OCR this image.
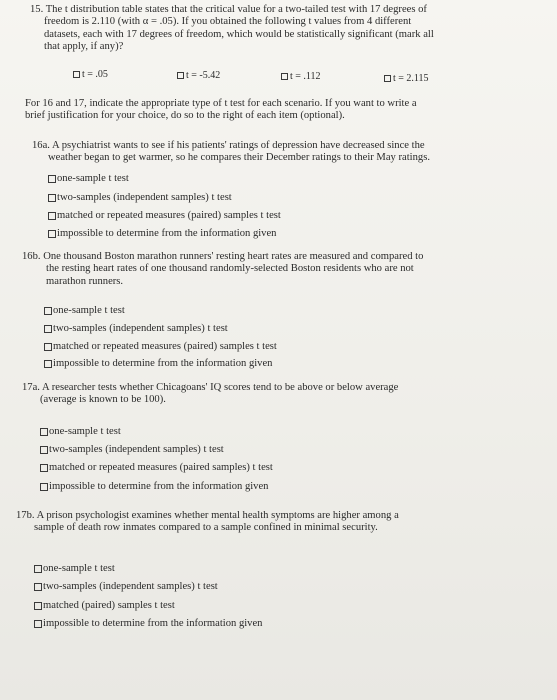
15. The t distribution table states that the critical value for a two-tailed test with 17 degrees of
freedom is 2.110 (with α = .05). If you obtained the following t values from 4 different
datasets, each with 17 degrees of freedom, which would be statistically significant (mark all
that apply, if any)?
t = .05	t = -5.42	t = .112	t = 2.115
For 16 and 17, indicate the appropriate type of t test for each scenario. If you want to write a
brief justification for your choice, do so to the right of each item (optional).
16a. A psychiatrist wants to see if his patients' ratings of depression have decreased since the
weather began to get warmer, so he compares their December ratings to their May ratings.
one-sample t test
two-samples (independent samples) t test
matched or repeated measures (paired) samples t test
impossible to determine from the information given
16b. One thousand Boston marathon runners' resting heart rates are measured and compared to
the resting heart rates of one thousand randomly-selected Boston residents who are not
marathon runners.
one-sample t test
two-samples (independent samples) t test
matched or repeated measures (paired) samples t test
impossible to determine from the information given
17a. A researcher tests whether Chicagoans' IQ scores tend to be above or below average
(average is known to be 100).
one-sample t test
two-samples (independent samples) t test
matched or repeated measures (paired samples) t test
impossible to determine from the information given
17b. A prison psychologist examines whether mental health symptoms are higher among a
sample of death row inmates compared to a sample confined in minimal security.
one-sample t test
two-samples (independent samples) t test
matched (paired) samples t test
impossible to determine from the information given
